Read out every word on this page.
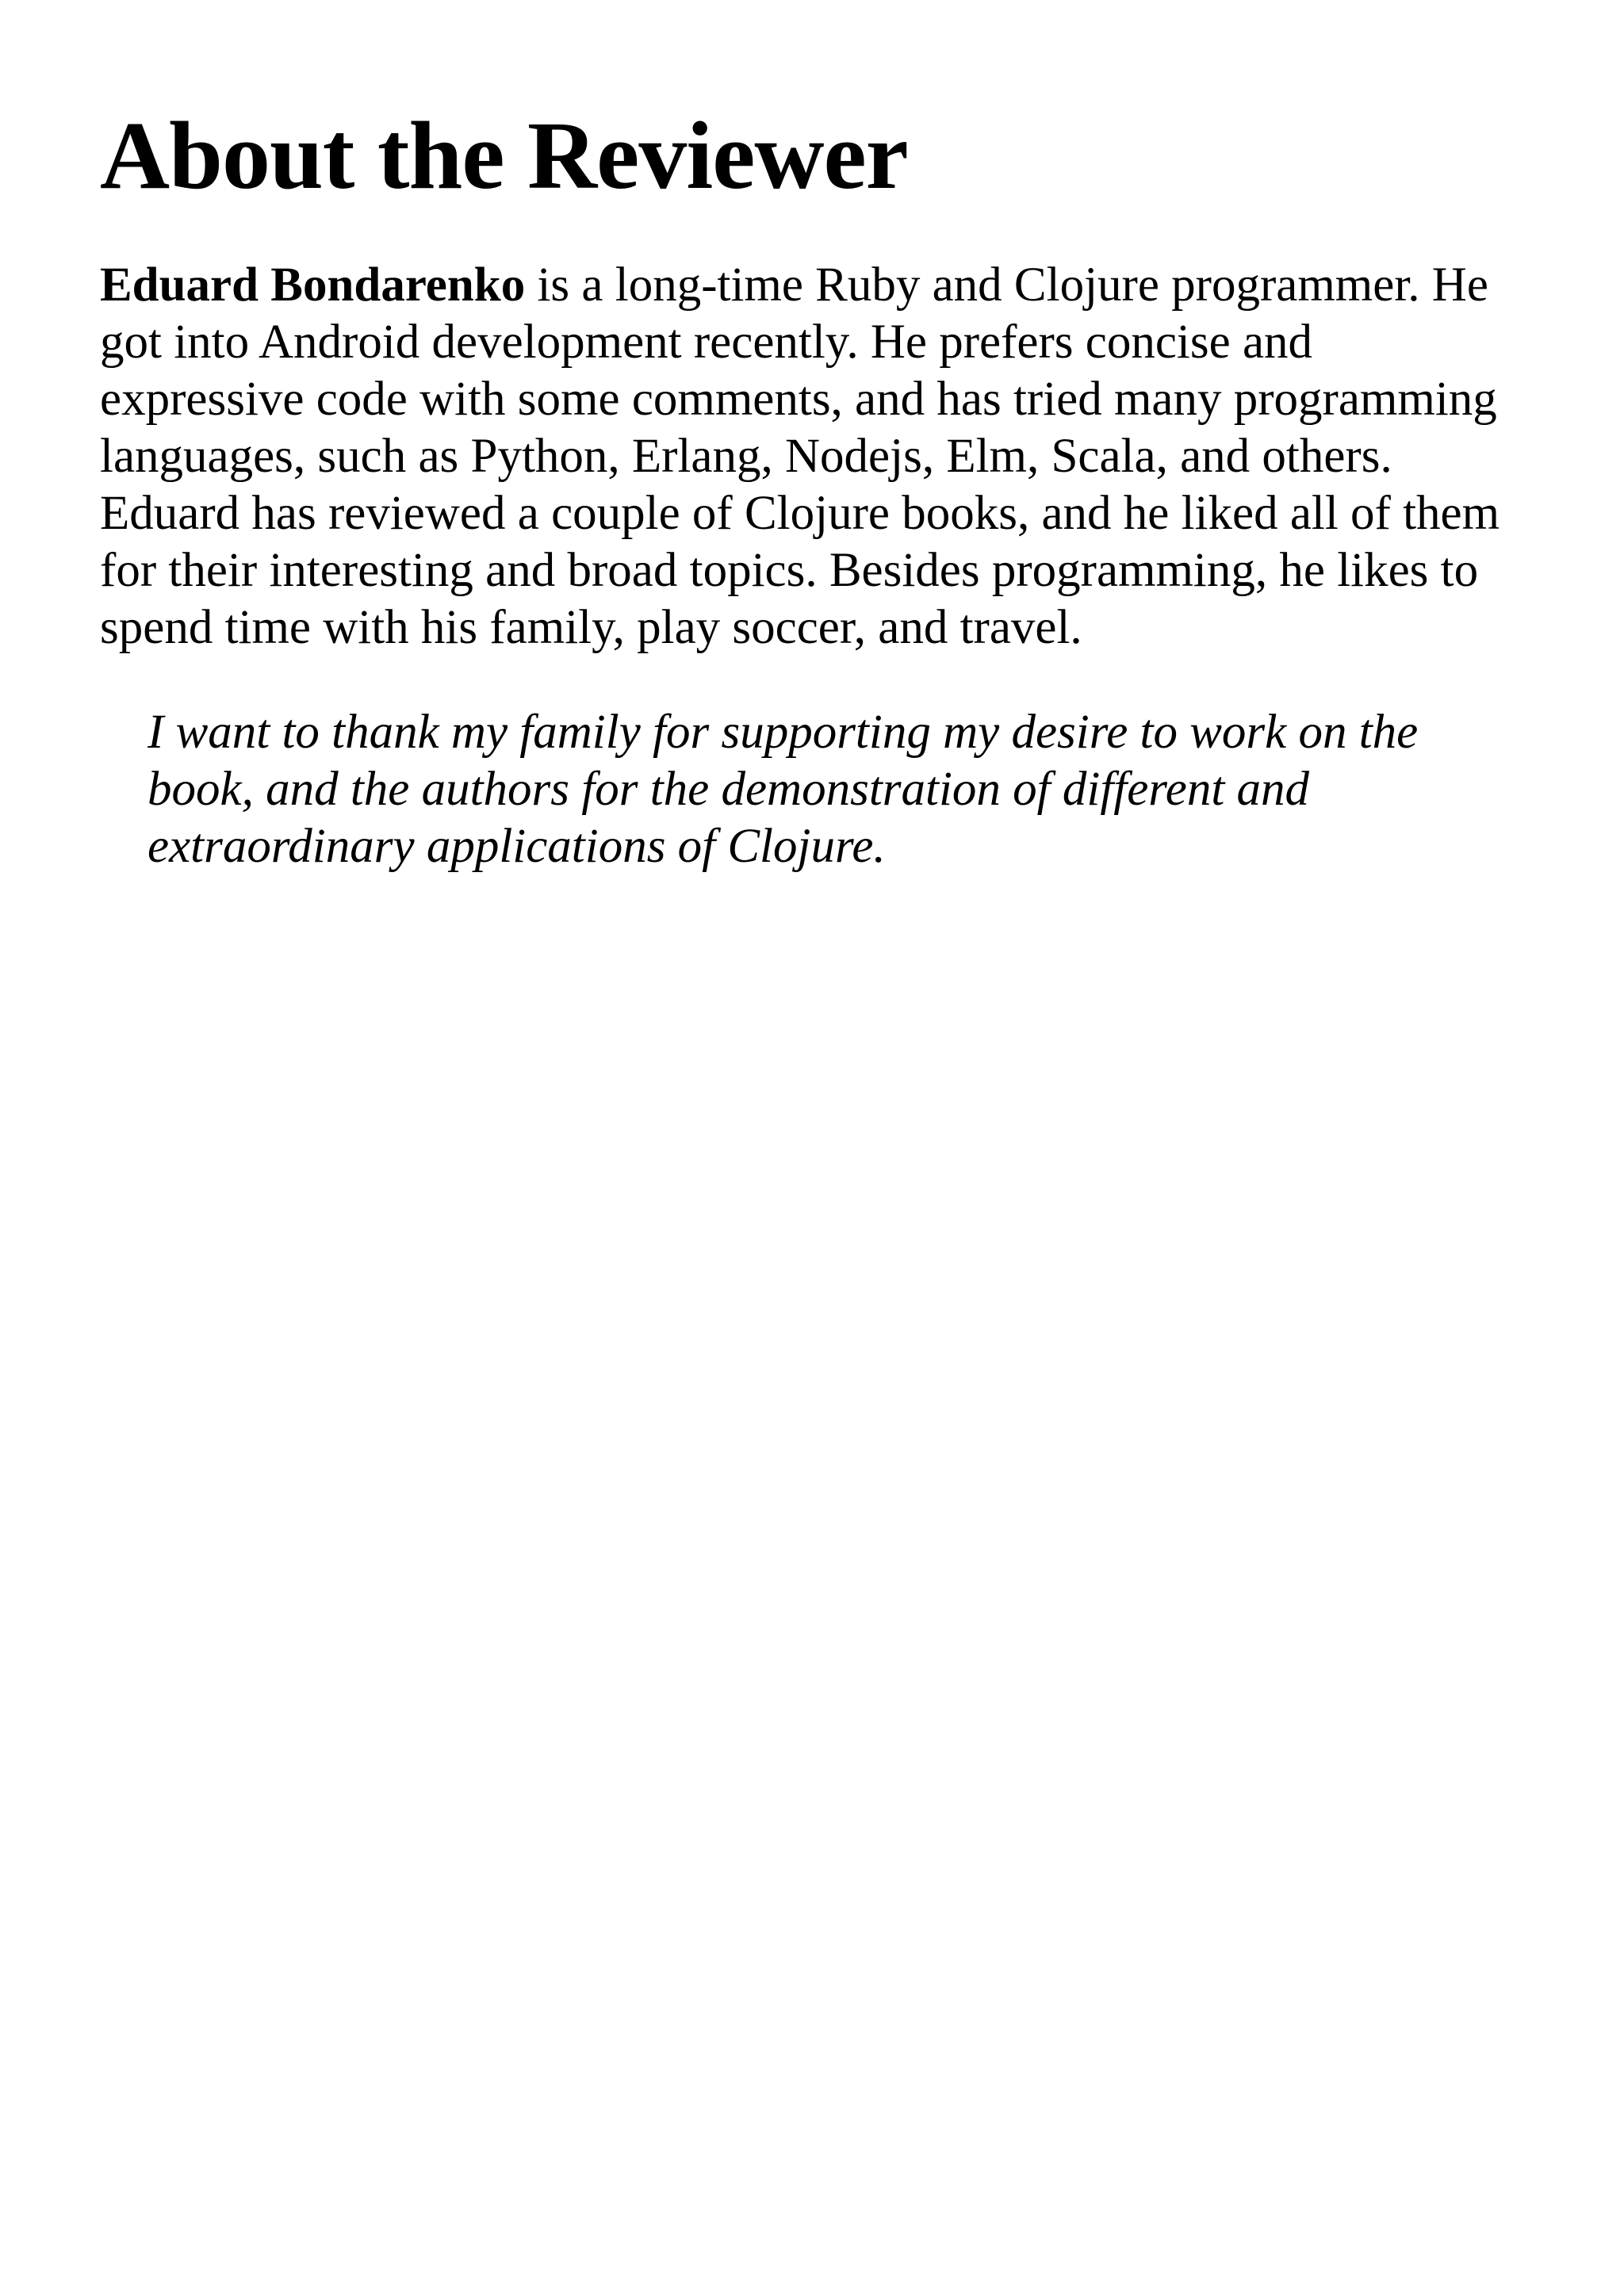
About the Reviewer

Eduard Bondarenko is a long-time Ruby and Clojure programmer. He got into Android development recently. He prefers concise and expressive code with some comments, and has tried many programming languages, such as Python, Erlang, Nodejs, Elm, Scala, and others. Eduard has reviewed a couple of Clojure books, and he liked all of them for their interesting and broad topics. Besides programming, he likes to spend time with his family, play soccer, and travel.

I want to thank my family for supporting my desire to work on the book, and the authors for the demonstration of different and extraordinary applications of Clojure.
